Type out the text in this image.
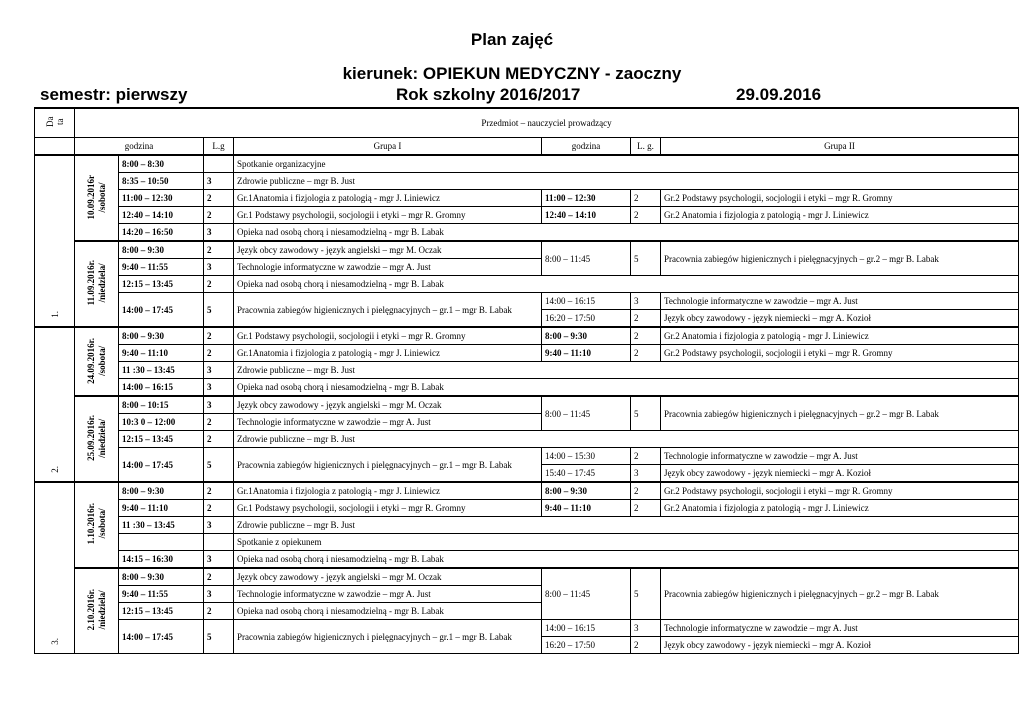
Plan zajęć
kierunek: OPIEKUN MEDYCZNY - zaoczny
semestr: pierwszy	Rok szkolny 2016/2017	29.09.2016
Da
ta	Przedmiot – nauczyciel prowadzący						
	godzina		L.g	Grupa I	godzina	L. g.	Grupa II
1.	10.09.2016r
/sobota/	8:00 – 8:30		Spotkanie organizacyjne			
		8:35 – 10:50	3	Zdrowie publiczne – mgr B. Just			
		11:00 – 12:30	2	Gr.1Anatomia i fizjologia z patologią - mgr J. Liniewicz	11:00 – 12:30	2	Gr.2 Podstawy psychologii, socjologii i etyki – mgr R. Gromny
		12:40 – 14:10	2	Gr.1 Podstawy psychologii, socjologii i etyki – mgr R. Gromny	12:40 – 14:10	2	Gr.2 Anatomia i fizjologia z patologią - mgr J. Liniewicz
		14:20 – 16:50	3	Opieka nad osobą chorą i niesamodzielną - mgr B. Labak			
	11.09.2016r.
/niedziela/	8:00 – 9:30	2	Język obcy zawodowy - język angielski – mgr M. Oczak	8:00 – 11:45	5	Pracownia zabiegów higienicznych i pielęgnacyjnych – gr.2 – mgr B. Labak
		9:40 – 11:55	3	Technologie informatyczne w zawodzie – mgr A. Just			
		12:15 – 13:45	2	Opieka nad osobą chorą i niesamodzielną - mgr B. Labak			
		14:00 – 17:45	5	Pracownia zabiegów higienicznych i pielęgnacyjnych – gr.1 – mgr B. Labak	14:00 – 16:15	3	Technologie informatyczne w zawodzie – mgr A. Just
					16:20 – 17:50	2	Język obcy zawodowy - język niemiecki – mgr A. Kozioł
2.	24.09.2016r.
/sobota/	8:00 – 9:30	2	Gr.1 Podstawy psychologii, socjologii i etyki – mgr R. Gromny	8:00 – 9:30	2	Gr.2 Anatomia i fizjologia z patologią - mgr J. Liniewicz
		9:40 – 11:10	2	Gr.1Anatomia i fizjologia z patologią - mgr J. Liniewicz	9:40 – 11:10	2	Gr.2 Podstawy psychologii, socjologii i etyki – mgr R. Gromny
		11 :30 – 13:45	3	Zdrowie publiczne – mgr B. Just			
		14:00 – 16:15	3	Opieka nad osobą chorą i niesamodzielną - mgr B. Labak			
	25.09.2016r.
/niedziela/	8:00 – 10:15	3	Język obcy zawodowy - język angielski – mgr M. Oczak	8:00 – 11:45	5	Pracownia zabiegów higienicznych i pielęgnacyjnych – gr.2 – mgr B. Labak
		10:3 0 – 12:00	2	Technologie informatyczne w zawodzie – mgr A. Just			
		12:15 – 13:45	2	Zdrowie publiczne – mgr B. Just			
		14:00 – 17:45	5	Pracownia zabiegów higienicznych i pielęgnacyjnych – gr.1 – mgr B. Labak	14:00 – 15:30	2	Technologie informatyczne w zawodzie – mgr A. Just
					15:40 – 17:45	3	Język obcy zawodowy - język niemiecki – mgr A. Kozioł
3.	1.10.2016r.
/sobota/	8:00 – 9:30	2	Gr.1Anatomia i fizjologia z patologią - mgr J. Liniewicz	8:00 – 9:30	2	Gr.2 Podstawy psychologii, socjologii i etyki – mgr R. Gromny
		9:40 – 11:10	2	Gr.1 Podstawy psychologii, socjologii i etyki – mgr R. Gromny	9:40 – 11:10	2	Gr.2 Anatomia i fizjologia z patologią - mgr J. Liniewicz
		11 :30 – 13:45	3	Zdrowie publiczne – mgr B. Just			
				Spotkanie z opiekunem			
		14:15 – 16:30	3	Opieka nad osobą chorą i niesamodzielną - mgr B. Labak			
	2.10.2016r.
/niedziela/	8:00 – 9:30	2	Język obcy zawodowy - język angielski – mgr M. Oczak	8:00 – 11:45	5	Pracownia zabiegów higienicznych i pielęgnacyjnych – gr.2 – mgr B. Labak
		9:40 – 11:55	3	Technologie informatyczne w zawodzie – mgr A. Just			
		12:15 – 13:45	2	Opieka nad osobą chorą i niesamodzielną - mgr B. Labak			
		14:00 – 17:45	5	Pracownia zabiegów higienicznych i pielęgnacyjnych – gr.1 – mgr B. Labak	14:00 – 16:15	3	Technologie informatyczne w zawodzie – mgr A. Just
					16:20 – 17:50	2	Język obcy zawodowy - język niemiecki – mgr A. Kozioł
